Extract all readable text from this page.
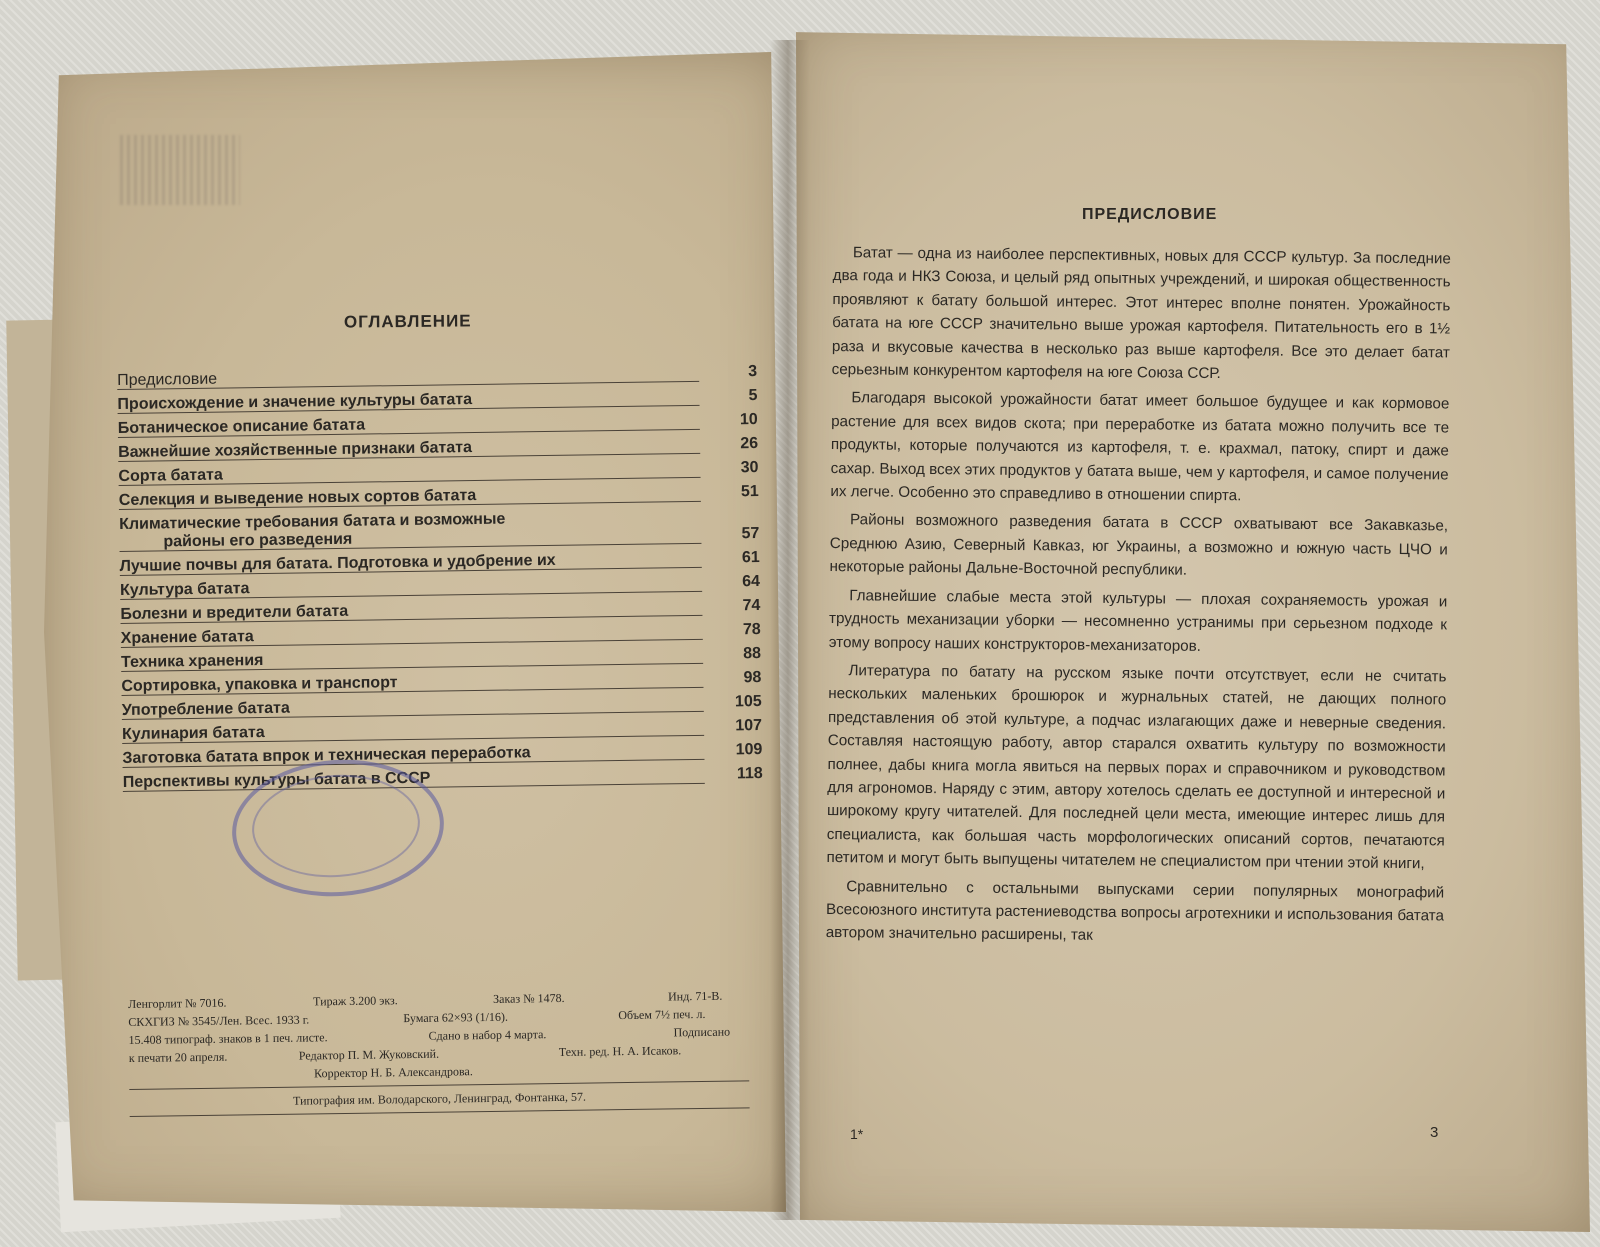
ОГЛАВЛЕНИЕ
Предисловие	3
Происхождение и значение культуры батата	5
Ботаническое описание батата	10
Важнейшие хозяйственные признаки батата	26
Сорта батата	30
Селекция и выведение новых сортов батата	51
Климатические требования батата и возможные
районы его разведения	57
Лучшие почвы для батата. Подготовка и удобрение их	61
Культура батата	64
Болезни и вредители батата	74
Хранение батата	78
Техника хранения	88
Сортировка, упаковка и транспорт	98
Употребление батата	105
Кулинария батата	107
Заготовка батата впрок и техническая переработка	109
Перспективы культуры батата в СССР	118
Ленгорлит № 7016.	Тираж 3.200 экз.	Заказ № 1478.	Инд. 71-В.
СКХГИЗ № 3545/Лен. Всес. 1933 г.	Бумага 62×93 (1/16).	Объем 7½ печ. л.
15.408 типограф. знаков в 1 печ. листе.	Сдано в набор 4 марта.	Подписано
к печати 20 апреля.	Редактор П. М. Жуковский.	Техн. ред. Н. А. Исаков.
Корректор Н. Б. Александрова.
Типография им. Володарского, Ленинград, Фонтанка, 57.
ПРЕДИСЛОВИЕ

Батат — одна из наиболее перспективных, новых для СССР культур. За последние два года и НКЗ Союза, и целый ряд опытных учреждений, и широкая общественность проявляют к батату большой интерес. Этот интерес вполне понятен. Урожайность батата на юге СССР значительно выше урожая картофеля. Питательность его в 1½ раза и вкусовые качества в несколько раз выше картофеля. Все это делает батат серьезным конкурентом картофеля на юге Союза ССР.

Благодаря высокой урожайности батат имеет большое будущее и как кормовое растение для всех видов скота; при переработке из батата можно получить все те продукты, которые получаются из картофеля, т. е. крахмал, патоку, спирт и даже сахар. Выход всех этих продуктов у батата выше, чем у картофеля, и самое получение их легче. Особенно это справедливо в отношении спирта.

Районы возможного разведения батата в СССР охватывают все Закавказье, Среднюю Азию, Северный Кавказ, юг Украины, а возможно и южную часть ЦЧО и некоторые районы Дальне-Восточной республики.

Главнейшие слабые места этой культуры — плохая сохраняемость урожая и трудность механизации уборки — несомненно устранимы при серьезном подходе к этому вопросу наших конструкторов-механизаторов.

Литература по батату на русском языке почти отсутствует, если не считать нескольких маленьких брошюрок и журнальных статей, не дающих полного представления об этой культуре, а подчас излагающих даже и неверные сведения. Составляя настоящую работу, автор старался охватить культуру по возможности полнее, дабы книга могла явиться на первых порах и справочником и руководством для агрономов. Наряду с этим, автору хотелось сделать ее доступной и интересной и широкому кругу читателей. Для последней цели места, имеющие интерес лишь для специалиста, как большая часть морфологических описаний сортов, печатаются петитом и могут быть выпущены читателем не специалистом при чтении этой книги,

Сравнительно с остальными выпусками серии популярных монографий Всесоюзного института растениеводства вопросы агротехники и использования батата автором значительно расширены, так

1*	3
